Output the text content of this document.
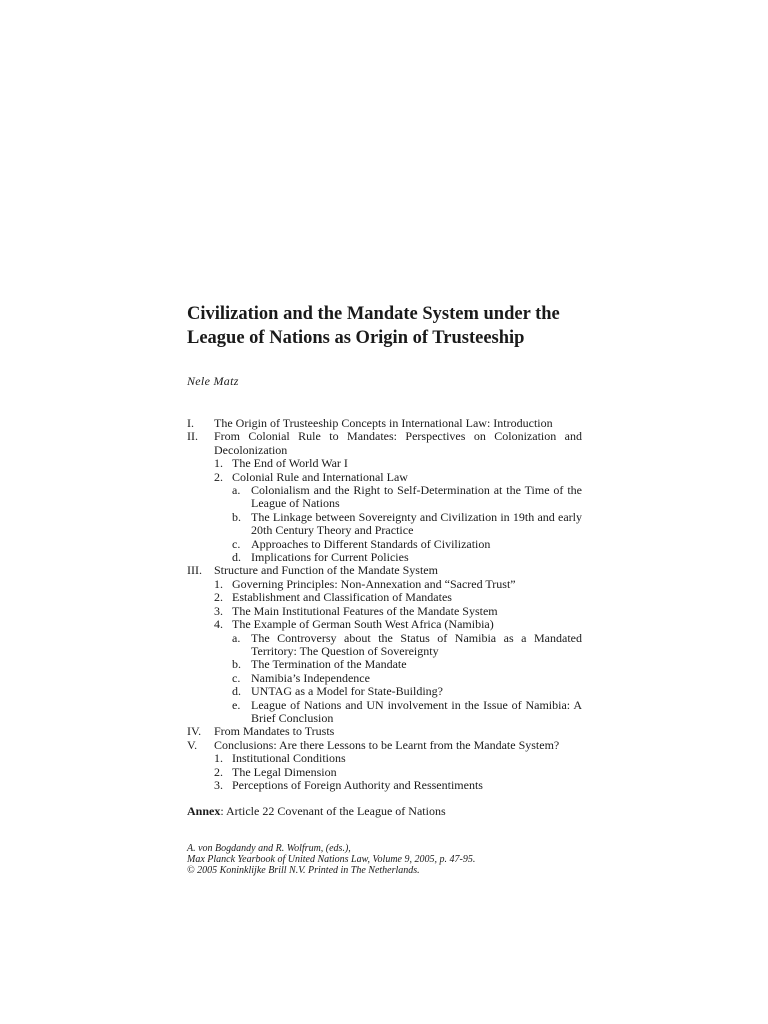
Civilization and the Mandate System under the
League of Nations as Origin of Trusteeship

Nele Matz

I. The Origin of Trusteeship Concepts in International Law: Introduction
II. From Colonial Rule to Mandates: Perspectives on Colonization and Decolonization
1. The End of World War I
2. Colonial Rule and International Law
a. Colonialism and the Right to Self-Determination at the Time of the League of Nations
b. The Linkage between Sovereignty and Civilization in 19th and early 20th Century Theory and Practice
c. Approaches to Different Standards of Civilization
d. Implications for Current Policies
III. Structure and Function of the Mandate System
1. Governing Principles: Non-Annexation and “Sacred Trust”
2. Establishment and Classification of Mandates
3. The Main Institutional Features of the Mandate System
4. The Example of German South West Africa (Namibia)
a. The Controversy about the Status of Namibia as a Mandated Territory: The Question of Sovereignty
b. The Termination of the Mandate
c. Namibia’s Independence
d. UNTAG as a Model for State-Building?
e. League of Nations and UN involvement in the Issue of Namibia: A Brief Conclusion
IV. From Mandates to Trusts
V. Conclusions: Are there Lessons to be Learnt from the Mandate System?
1. Institutional Conditions
2. The Legal Dimension
3. Perceptions of Foreign Authority and Ressentiments

Annex: Article 22 Covenant of the League of Nations

A. von Bogdandy and R. Wolfrum, (eds.),
Max Planck Yearbook of United Nations Law, Volume 9, 2005, p. 47-95.
© 2005 Koninklijke Brill N.V. Printed in The Netherlands.
